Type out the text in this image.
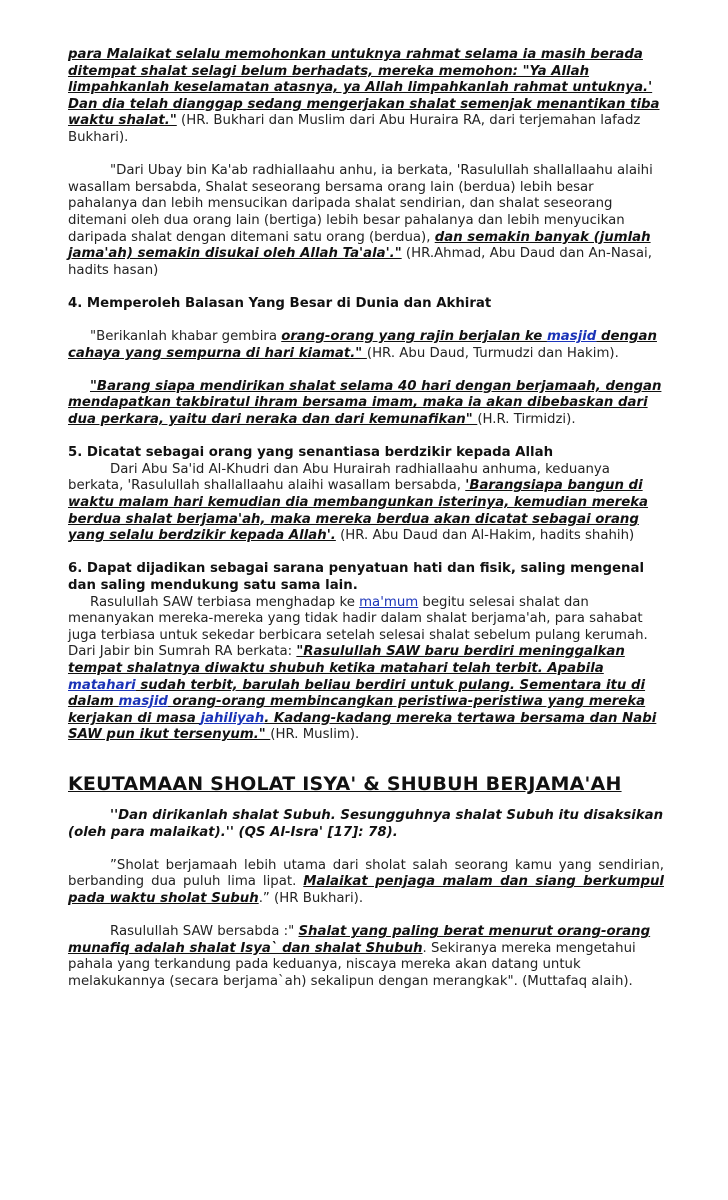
para Malaikat selalu memohonkan untuknya rahmat selama ia masih berada ditempat shalat selagi belum berhadats, mereka memohon: "Ya Allah limpahkanlah keselamatan atasnya, ya Allah limpahkanlah rahmat untuknya.' Dan dia telah dianggap sedang mengerjakan shalat semenjak menantikan tiba waktu shalat." (HR. Bukhari dan Muslim dari Abu Huraira RA, dari terjemahan lafadz Bukhari).

"Dari Ubay bin Ka'ab radhiallaahu anhu, ia berkata, 'Rasulullah shallallaahu alaihi wasallam bersabda, Shalat seseorang bersama orang lain (berdua) lebih besar pahalanya dan lebih mensucikan daripada shalat sendirian, dan shalat seseorang ditemani oleh dua orang lain (bertiga) lebih besar pahalanya dan lebih menyucikan daripada shalat dengan ditemani satu orang (berdua), dan semakin banyak (jumlah jama'ah) semakin disukai oleh Allah Ta'ala'." (HR.Ahmad, Abu Daud dan An-Nasai, hadits hasan)

4. Memperoleh Balasan Yang Besar di Dunia dan Akhirat

"Berikanlah khabar gembira orang-orang yang rajin berjalan ke masjid dengan cahaya yang sempurna di hari kiamat." (HR. Abu Daud, Turmudzi dan Hakim).

"Barang siapa mendirikan shalat selama 40 hari dengan berjamaah, dengan mendapatkan takbiratul ihram bersama imam, maka ia akan dibebaskan dari dua perkara, yaitu dari neraka dan dari kemunafikan" (H.R. Tirmidzi).

5. Dicatat sebagai orang yang senantiasa berdzikir kepada Allah

Dari Abu Sa'id Al-Khudri dan Abu Hurairah radhiallaahu anhuma, keduanya berkata, 'Rasulullah shallallaahu alaihi wasallam bersabda, 'Barangsiapa bangun di waktu malam hari kemudian dia membangunkan isterinya, kemudian mereka berdua shalat berjama'ah, maka mereka berdua akan dicatat sebagai orang yang selalu berdzikir kepada Allah'. (HR. Abu Daud dan Al-Hakim, hadits shahih)

6. Dapat dijadikan sebagai sarana penyatuan hati dan fisik, saling mengenal dan saling mendukung satu sama lain.

Rasulullah SAW terbiasa menghadap ke ma'mum begitu selesai shalat dan menanyakan mereka-mereka yang tidak hadir dalam shalat berjama'ah, para sahabat juga terbiasa untuk sekedar berbicara setelah selesai shalat sebelum pulang kerumah. Dari Jabir bin Sumrah RA berkata: "Rasulullah SAW baru berdiri meninggalkan tempat shalatnya diwaktu shubuh ketika matahari telah terbit. Apabila matahari sudah terbit, barulah beliau berdiri untuk pulang. Sementara itu di dalam masjid orang-orang membincangkan peristiwa-peristiwa yang mereka kerjakan di masa jahiliyah. Kadang-kadang mereka tertawa bersama dan Nabi SAW pun ikut tersenyum." (HR. Muslim).

KEUTAMAAN SHOLAT ISYA' & SHUBUH BERJAMA'AH

''Dan dirikanlah shalat Subuh. Sesungguhnya shalat Subuh itu disaksikan (oleh para malaikat).'' (QS Al-Isra' [17]: 78).

”Sholat berjamaah lebih utama dari sholat salah seorang kamu yang sendirian, berbanding dua puluh lima lipat. Malaikat penjaga malam dan siang berkumpul pada waktu sholat Subuh.” (HR Bukhari).

Rasulullah SAW bersabda :" Shalat yang paling berat menurut orang-orang munafiq adalah shalat Isya` dan shalat Shubuh. Sekiranya mereka mengetahui pahala yang terkandung pada keduanya, niscaya mereka akan datang untuk melakukannya (secara berjama`ah) sekalipun dengan merangkak". (Muttafaq alaih).
